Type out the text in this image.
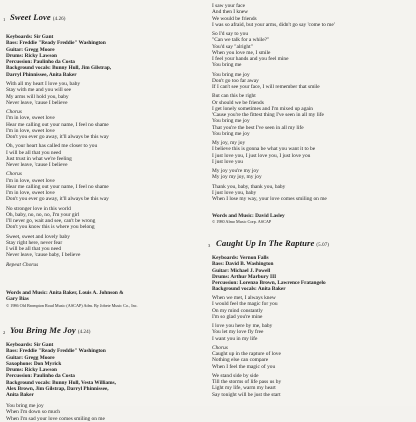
1 Sweet Love (4.26)
Keyboards: Sir Gant
Bass: Freddie "Ready Freddie" Washington
Guitar: Gregg Moore
Drums: Ricky Lawson
Percussion: Paulinho da Costa
Background vocals: Bunny Hull, Jim Gilstrap,
Darryl Phinnissee, Anita Baker
With all my heart I love you, baby
Stay with me and you will see
My arms will hold you, baby
Never leave, 'cause I believe
Chorus
I'm in love, sweet love
Hear me calling out your name, I feel no shame
I'm in love, sweet love
Don't you ever go away, it'll always be this way
Oh, your heart has called me closer to you
I will be all that you need
Just trust in what we're feeling
Never leave, 'cause I believe
Chorus
I'm in love, sweet love
Hear me calling out your name, I feel no shame
I'm in love, sweet love
Don't you ever go away, it'll always be this way
No stronger love in this world
Oh, baby, no, no, no, I'm your girl
I'll never go, wait and see, can't be wrong
Don't you know this is where you belong
Sweet, sweet and lovely baby
Stay right here, never fear
I will be all that you need
Never leave, 'cause baby, I believe
Repeat Chorus
Words and Music: Anita Baker, Louis A. Johnson &
Gary Bias
© 1986 Old Brompton Road Music (ASCAP) Adm. By Jobete Music Co., Inc.
2 You Bring Me Joy (4.24)
Keyboards: Sir Gant
Bass: Freddie "Ready Freddie" Washington
Guitar: Gregg Moore
Saxophone: Don Myrick
Drums: Ricky Lawson
Percussion: Paulinho da Costa
Background vocals: Bunny Hull, Vesta Williams,
Alex Brown, Jim Gilstrap, Darryl Phinnissee,
Anita Baker
You bring me joy
When I'm down so much
When I'm sad your love comes smiling on me
I saw your face
And then I knew
We would be friends
I was so afraid, but your arms, didn't go say 'come to me'
So I'd say to you
"Can we talk for a while?"
You'd say "alright"
When you love me, I smile
I feel your hands and you feel mine
You bring me
You bring me joy
Don't go too far away
If I can't see your face, I will remember that smile
But can this be right
Or should we be friends
I get lonely sometimes and I'm mixed up again
'Cause you're the fittest thing I've seen in all my life
You bring me joy
That you're the best I've seen in all my life
You bring me joy
My joy, my joy
I believe this is gonna be what you want it to be
I just love you, I just love you, I just love you
I just love you
My joy you're my joy
My joy my joy, my joy
Thank you, baby, thank you, baby
I just love you, baby
When I lose my way, your love comes smiling on me
Words and Music: David Lasley
© 1980 Almo Music Corp. ASCAP
3 Caught Up In The Rapture (5.07)
Keyboards: Vernon Falls
Bass: David B. Washington
Guitar: Michael J. Powell
Drums: Arthur Marbury III
Percussion: Lorenzo Brown, Lawrence Fratangelo
Background vocals: Anita Baker
When we met, I always knew
I would feel the magic for you
On my mind constantly
I'm so glad you're mine
I love you here by me, baby
You let my love fly free
I want you in my life
Chorus
Caught up in the rapture of love
Nothing else can compare
When I feel the magic of you
We stand side by side
Till the storms of life pass us by
Light my life, warm my heart
Say tonight will be just the start
